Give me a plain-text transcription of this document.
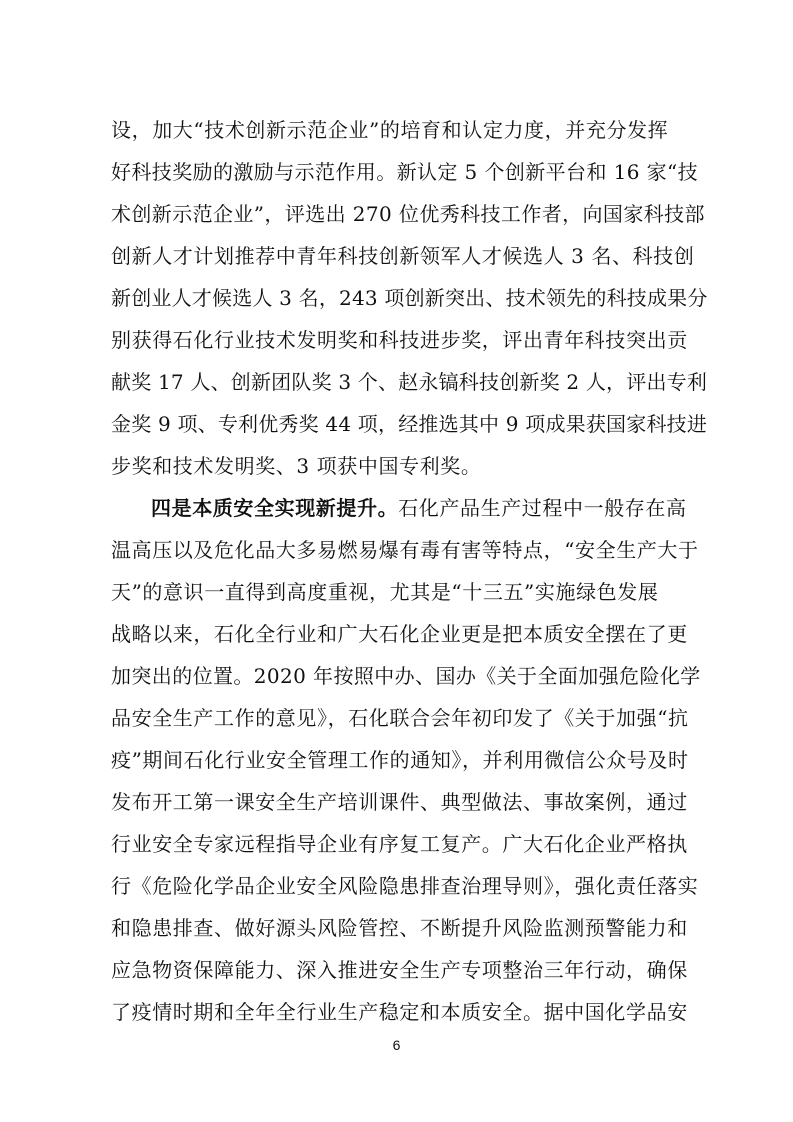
设，加大“技术创新示范企业”的培育和认定力度，并充分发挥
好科技奖励的激励与示范作用。新认定 5 个创新平台和 16 家“技
术创新示范企业”，评选出 270 位优秀科技工作者，向国家科技部
创新人才计划推荐中青年科技创新领军人才候选人 3 名、科技创
新创业人才候选人 3 名，243 项创新突出、技术领先的科技成果分
别获得石化行业技术发明奖和科技进步奖，评出青年科技突出贡
献奖 17 人、创新团队奖 3 个、赵永镐科技创新奖 2 人，评出专利
金奖 9 项、专利优秀奖 44 项，经推选其中 9 项成果获国家科技进
步奖和技术发明奖、3 项获中国专利奖。
四是本质安全实现新提升。石化产品生产过程中一般存在高
温高压以及危化品大多易燃易爆有毒有害等特点，“安全生产大于
天”的意识一直得到高度重视，尤其是“十三五”实施绿色发展
战略以来，石化全行业和广大石化企业更是把本质安全摆在了更
加突出的位置。2020 年按照中办、国办《关于全面加强危险化学
品安全生产工作的意见》，石化联合会年初印发了《关于加强“抗
疫”期间石化行业安全管理工作的通知》，并利用微信公众号及时
发布开工第一课安全生产培训课件、典型做法、事故案例，通过
行业安全专家远程指导企业有序复工复产。广大石化企业严格执
行《危险化学品企业安全风险隐患排查治理导则》，强化责任落实
和隐患排查、做好源头风险管控、不断提升风险监测预警能力和
应急物资保障能力、深入推进安全生产专项整治三年行动，确保
了疫情时期和全年全行业生产稳定和本质安全。据中国化学品安
6
